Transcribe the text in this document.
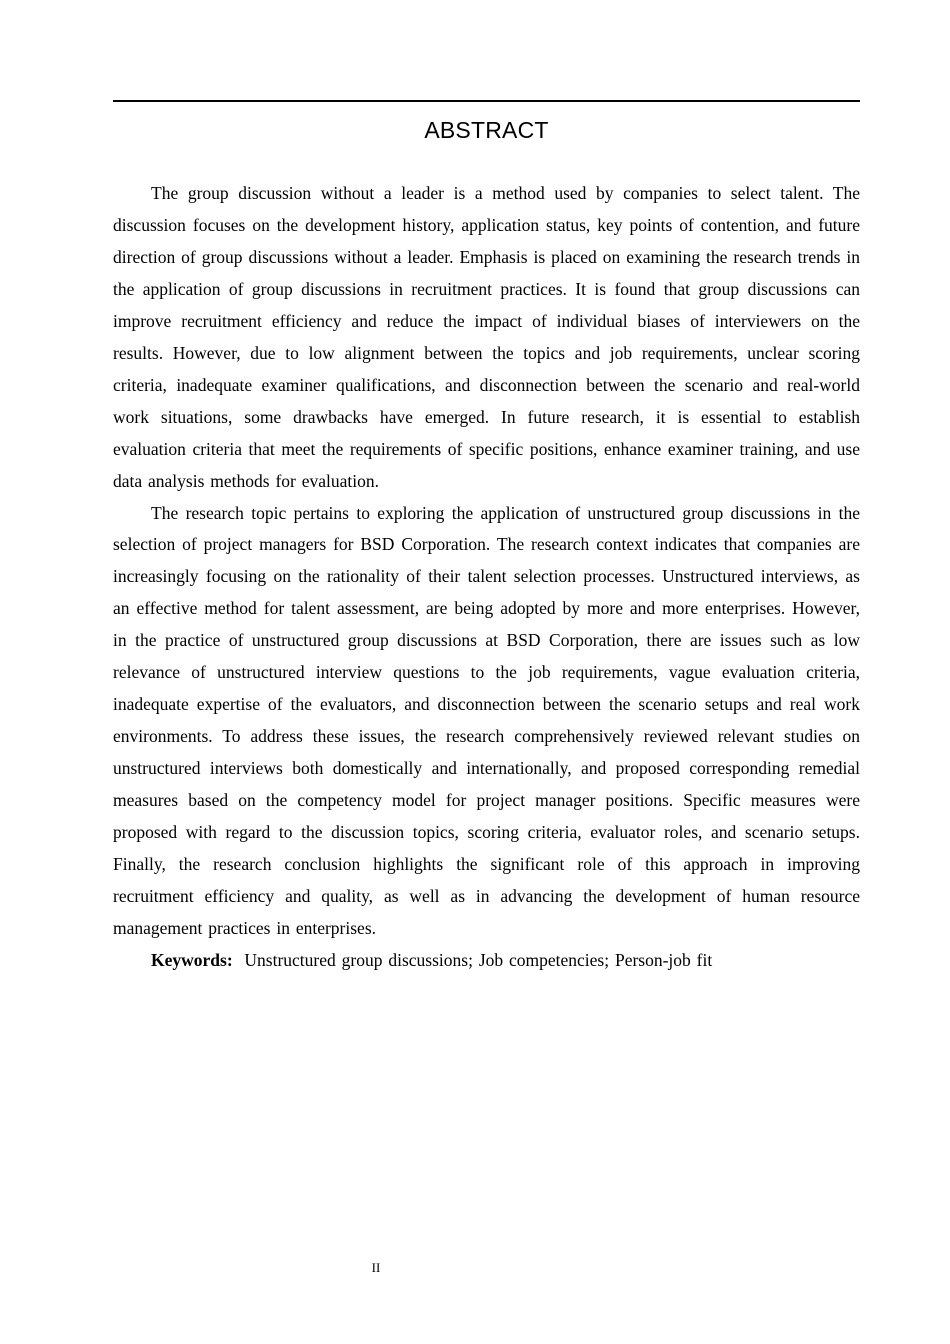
ABSTRACT

The group discussion without a leader is a method used by companies to select talent. The discussion focuses on the development history, application status, key points of contention, and future direction of group discussions without a leader. Emphasis is placed on examining the research trends in the application of group discussions in recruitment practices. It is found that group discussions can improve recruitment efficiency and reduce the impact of individual biases of interviewers on the results. However, due to low alignment between the topics and job requirements, unclear scoring criteria, inadequate examiner qualifications, and disconnection between the scenario and real-world work situations, some drawbacks have emerged. In future research, it is essential to establish evaluation criteria that meet the requirements of specific positions, enhance examiner training, and use data analysis methods for evaluation.

The research topic pertains to exploring the application of unstructured group discussions in the selection of project managers for BSD Corporation. The research context indicates that companies are increasingly focusing on the rationality of their talent selection processes. Unstructured interviews, as an effective method for talent assessment, are being adopted by more and more enterprises. However, in the practice of unstructured group discussions at BSD Corporation, there are issues such as low relevance of unstructured interview questions to the job requirements, vague evaluation criteria, inadequate expertise of the evaluators, and disconnection between the scenario setups and real work environments. To address these issues, the research comprehensively reviewed relevant studies on unstructured interviews both domestically and internationally, and proposed corresponding remedial measures based on the competency model for project manager positions. Specific measures were proposed with regard to the discussion topics, scoring criteria, evaluator roles, and scenario setups. Finally, the research conclusion highlights the significant role of this approach in improving recruitment efficiency and quality, as well as in advancing the development of human resource management practices in enterprises.

Keywords: Unstructured group discussions; Job competencies; Person-job fit

II
